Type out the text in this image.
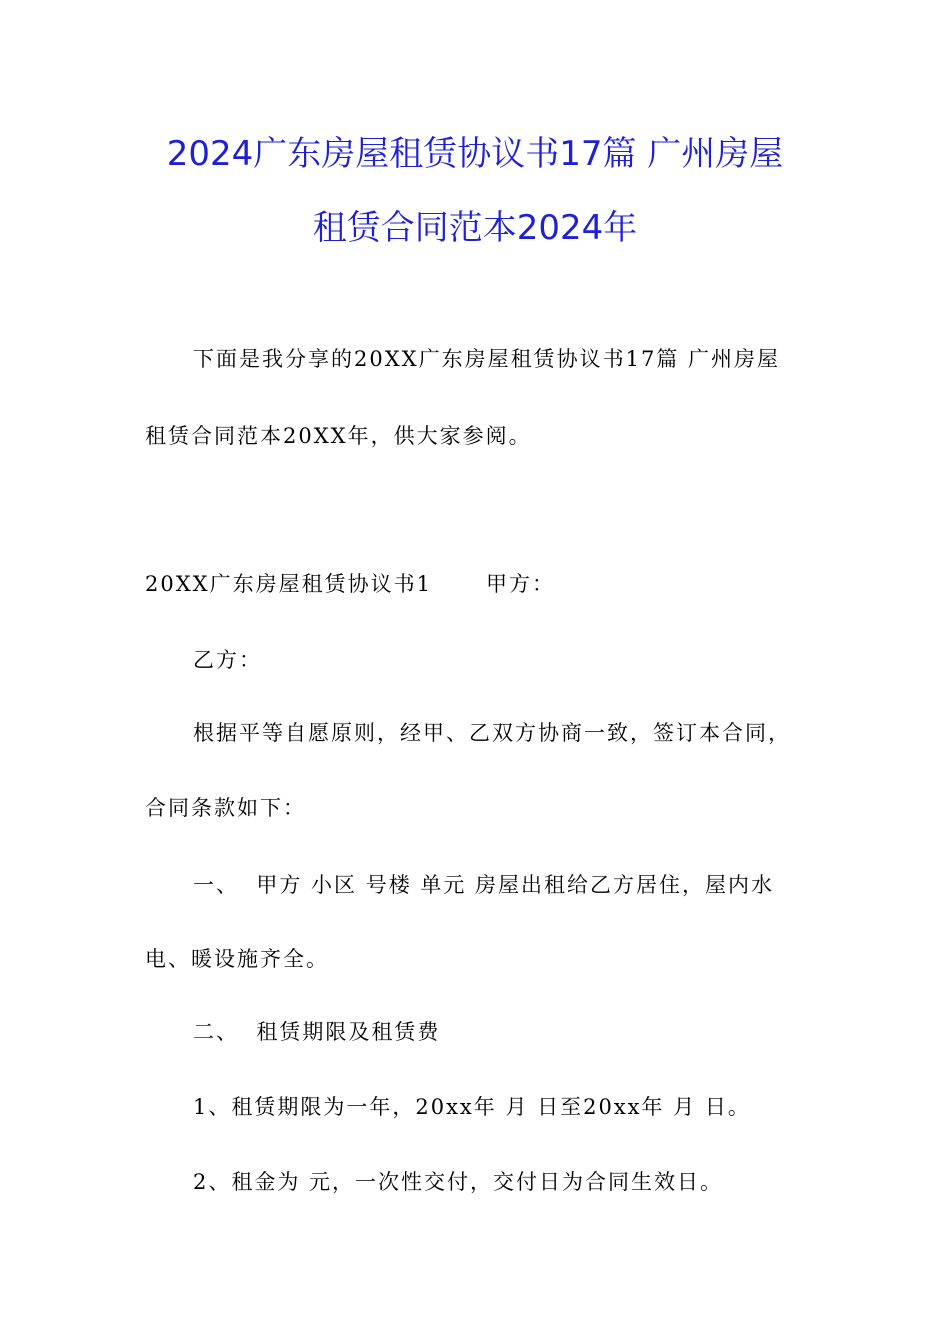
2024广东房屋租赁协议书17篇 广州房屋
租赁合同范本2024年
下面是我分享的20XX广东房屋租赁协议书17篇 广州房屋
租赁合同范本20XX年，供大家参阅。
20XX广东房屋租赁协议书1	甲方：
乙方：
根据平等自愿原则，经甲、乙双方协商一致，签订本合同，
合同条款如下：
一、  甲方 小区 号楼 单元 房屋出租给乙方居住，屋内水
电、暖设施齐全。
二、  租赁期限及租赁费
1、租赁期限为一年，20xx年 月 日至20xx年 月 日。
2、租金为 元，一次性交付，交付日为合同生效日。
